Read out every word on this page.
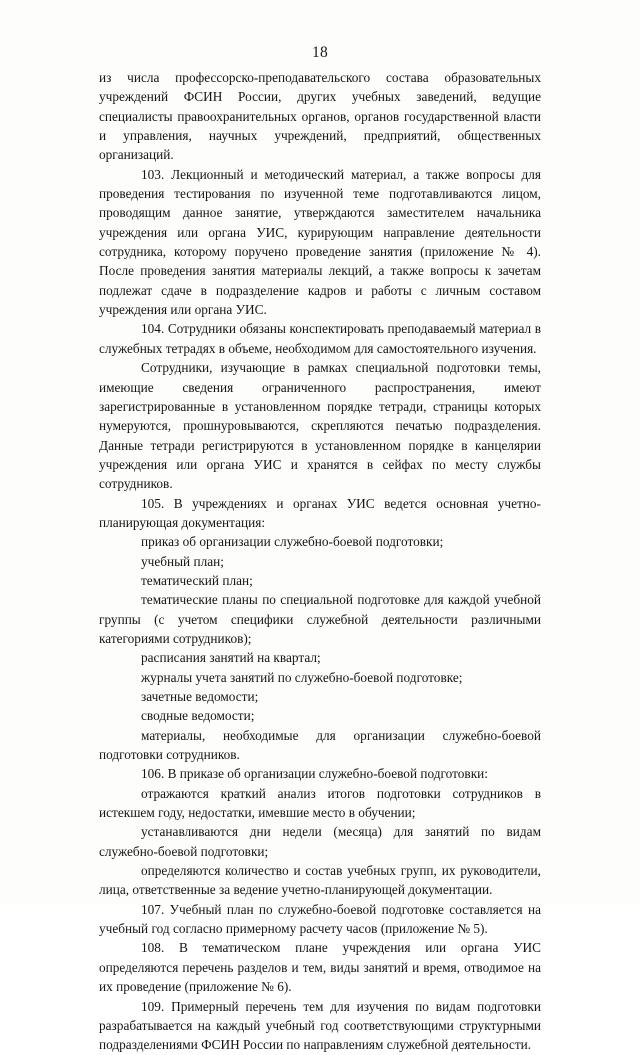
18

из числа профессорско-преподавательского состава образовательных учреждений ФСИН России, других учебных заведений, ведущие специалисты правоохранительных органов, органов государственной власти и управления, научных учреждений, предприятий, общественных организаций.

103. Лекционный и методический материал, а также вопросы для проведения тестирования по изученной теме подготавливаются лицом, проводящим данное занятие, утверждаются заместителем начальника учреждения или органа УИС, курирующим направление деятельности сотрудника, которому поручено проведение занятия (приложение № 4). После проведения занятия материалы лекций, а также вопросы к зачетам подлежат сдаче в подразделение кадров и работы с личным составом учреждения или органа УИС.

104. Сотрудники обязаны конспектировать преподаваемый материал в служебных тетрадях в объеме, необходимом для самостоятельного изучения.

Сотрудники, изучающие в рамках специальной подготовки темы, имеющие сведения ограниченного распространения, имеют зарегистрированные в установленном порядке тетради, страницы которых нумеруются, прошнуровываются, скрепляются печатью подразделения. Данные тетради регистрируются в установленном порядке в канцелярии учреждения или органа УИС и хранятся в сейфах по месту службы сотрудников.

105. В учреждениях и органах УИС ведется основная учетно-планирующая документация:

приказ об организации служебно-боевой подготовки;

учебный план;

тематический план;

тематические планы по специальной подготовке для каждой учебной группы (с учетом специфики служебной деятельности различными категориями сотрудников);

расписания занятий на квартал;

журналы учета занятий по служебно-боевой подготовке;

зачетные ведомости;

сводные ведомости;

материалы, необходимые для организации служебно-боевой подготовки сотрудников.

106. В приказе об организации служебно-боевой подготовки:

отражаются краткий анализ итогов подготовки сотрудников в истекшем году, недостатки, имевшие место в обучении;

устанавливаются дни недели (месяца) для занятий по видам служебно-боевой подготовки;

определяются количество и состав учебных групп, их руководители, лица, ответственные за ведение учетно-планирующей документации.

107. Учебный план по служебно-боевой подготовке составляется на учебный год согласно примерному расчету часов (приложение № 5).

108. В тематическом плане учреждения или органа УИС определяются перечень разделов и тем, виды занятий и время, отводимое на их проведение (приложение № 6).

109. Примерный перечень тем для изучения по видам подготовки разрабатывается на каждый учебный год соответствующими структурными подразделениями ФСИН России по направлениям служебной деятельности.
